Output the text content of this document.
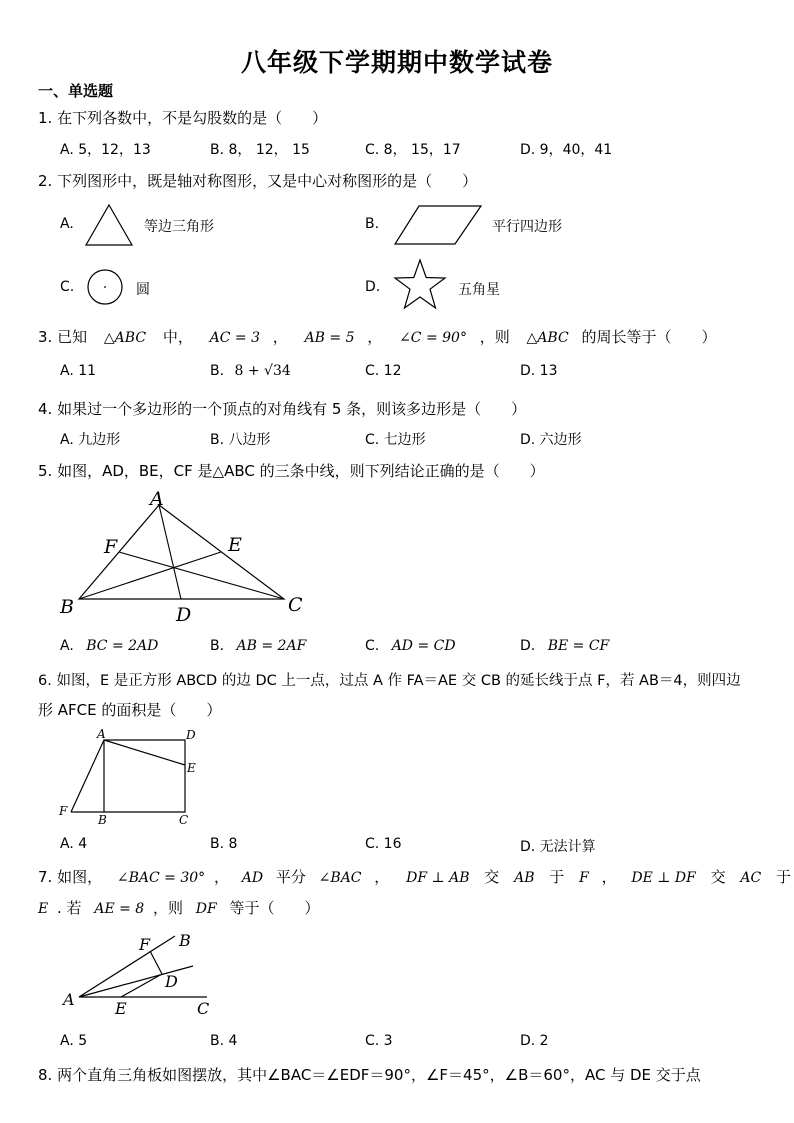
八年级下学期期中数学试卷
一、单选题
1. 在下列各数中，不是勾股数的是（　　）
A. 5，12，13	B. 8， 12， 15	C. 8， 15，17	D. 9，40，41
2. 下列图形中，既是轴对称图形，又是中心对称图形的是（　　）
A.	等边三角形	B.	平行四边形
C.	圆	D.	五角星
3. 已知 △ABC 中， AC = 3 ， AB = 5 ， ∠C = 90° ，则 △ABC 的周长等于（　　）
A. 11	B. 8 + √34	C. 12	D. 13
4. 如果过一个多边形的一个顶点的对角线有 5 条，则该多边形是（　　）
A. 九边形	B. 八边形	C. 七边形	D. 六边形
5. 如图，AD，BE，CF 是△ABC 的三条中线，则下列结论正确的是（　　）
A
B	C
D
E
F
A. BC = 2AD	B. AB = 2AF	C. AD = CD	D. BE = CF
6. 如图，E 是正方形 ABCD 的边 DC 上一点，过点 A 作 FA＝AE 交 CB 的延长线于点 F，若 AB＝4，则四边
形 AFCE 的面积是（　　）
A	D
E
F
B	C
A. 4	B. 8	C. 16	D. 无法计算
7. 如图， ∠BAC = 30° ， AD 平分 ∠BAC ， DF ⊥ AB 交 AB 于 F ， DE ⊥ DF 交 AC 于
E . 若 AE = 8 ，则 DF 等于（　　）
F B
D
A	E	C
A. 5	B. 4	C. 3	D. 2
8. 两个直角三角板如图摆放，其中∠BAC＝∠EDF＝90°，∠F＝45°，∠B＝60°，AC 与 DE 交于点
